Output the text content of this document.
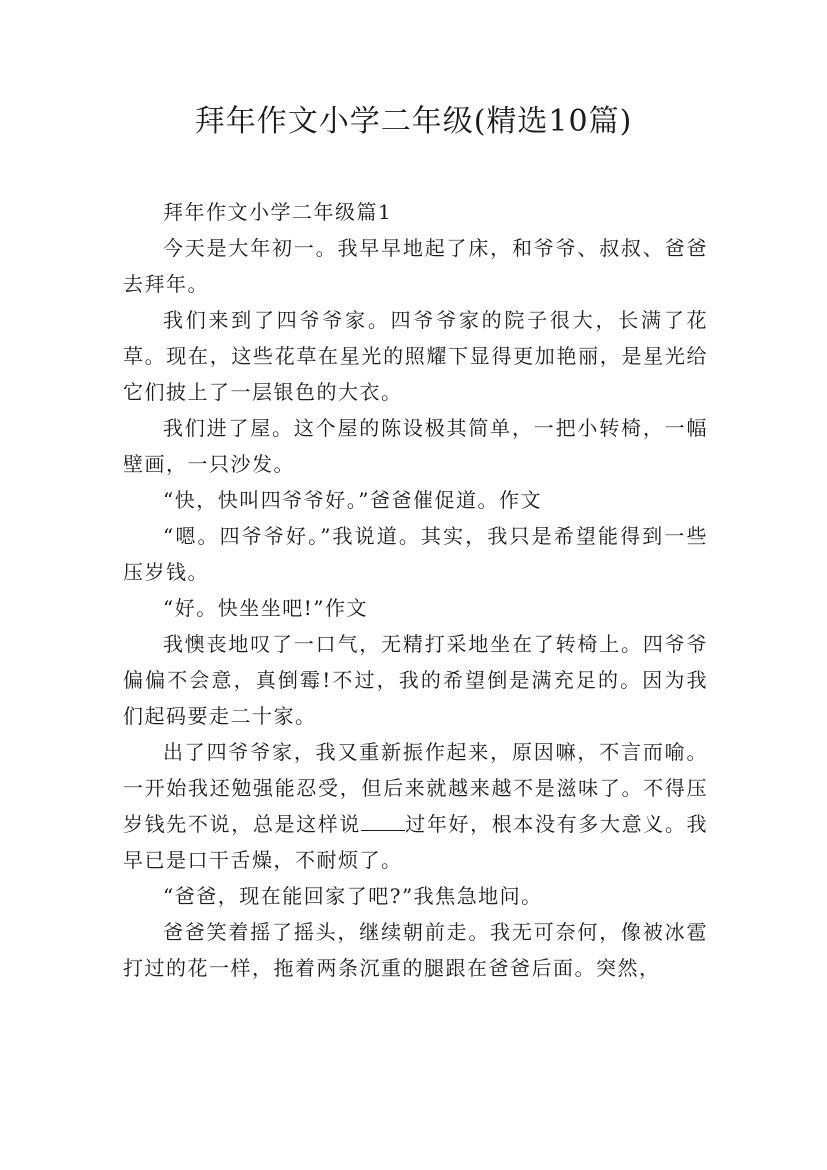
拜年作文小学二年级(精选10篇)

拜年作文小学二年级篇1

今天是大年初一。我早早地起了床，和爷爷、叔叔、爸爸去拜年。

我们来到了四爷爷家。四爷爷家的院子很大，长满了花草。现在，这些花草在星光的照耀下显得更加艳丽，是星光给它们披上了一层银色的大衣。

我们进了屋。这个屋的陈设极其简单，一把小转椅，一幅壁画，一只沙发。

“快，快叫四爷爷好。”爸爸催促道。作文

“嗯。四爷爷好。”我说道。其实，我只是希望能得到一些压岁钱。

“好。快坐坐吧!”作文

我懊丧地叹了一口气，无精打采地坐在了转椅上。四爷爷偏偏不会意，真倒霉!不过，我的希望倒是满充足的。因为我们起码要走二十家。

出了四爷爷家，我又重新振作起来，原因嘛，不言而喻。一开始我还勉强能忍受，但后来就越来越不是滋味了。不得压岁钱先不说，总是这样说 过年好，根本没有多大意义。我早已是口干舌燥，不耐烦了。

“爸爸，现在能回家了吧?”我焦急地问。

爸爸笑着摇了摇头，继续朝前走。我无可奈何，像被冰雹打过的花一样，拖着两条沉重的腿跟在爸爸后面。突然，
